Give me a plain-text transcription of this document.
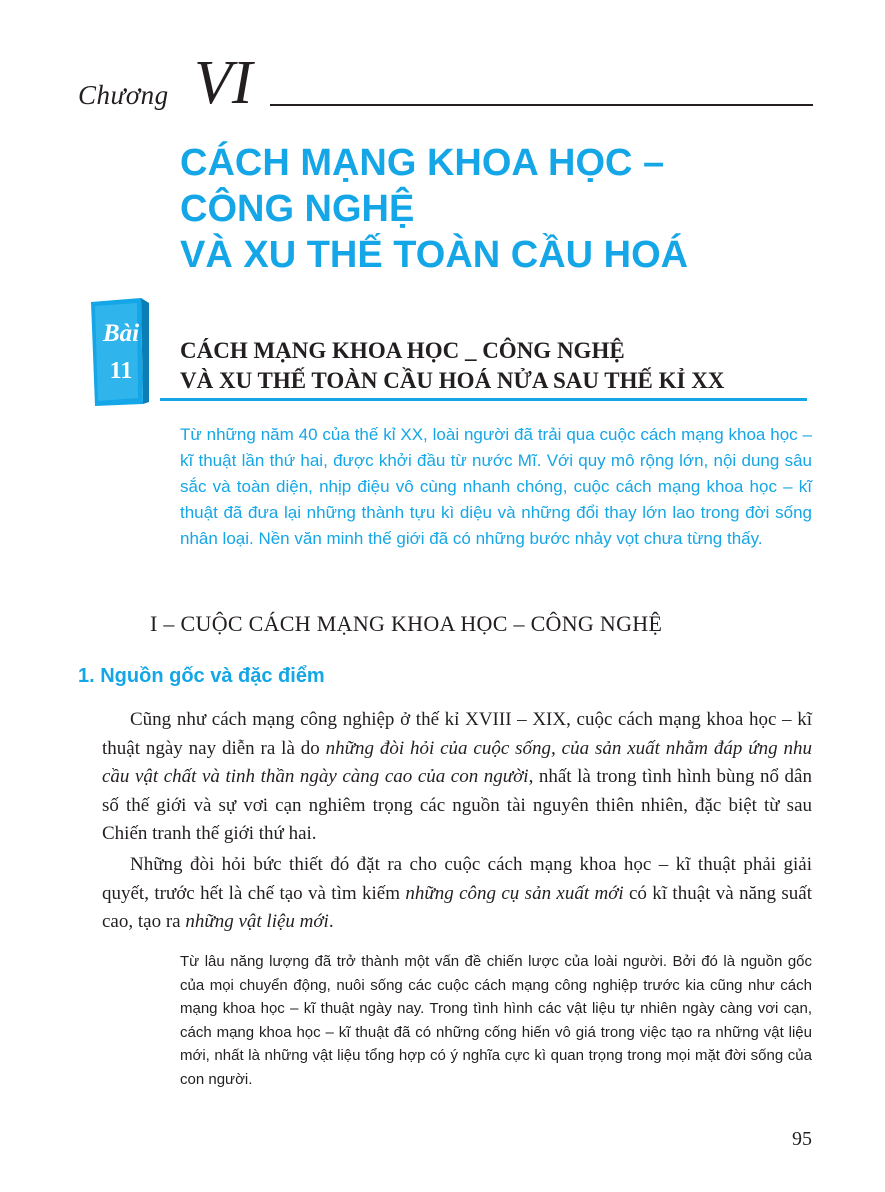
Chương VI
CÁCH MẠNG KHOA HỌC –
CÔNG NGHỆ
VÀ XU THẾ TOÀN CẦU HOÁ
Bài
11
CÁCH MẠNG KHOA HỌC _ CÔNG NGHỆ
VÀ XU THẾ TOÀN CẦU HOÁ NỬA SAU THẾ KỈ XX

Từ những năm 40 của thế kỉ XX, loài người đã trải qua cuộc cách mạng khoa học – kĩ thuật lần thứ hai, được khởi đầu từ nước Mĩ. Với quy mô rộng lớn, nội dung sâu sắc và toàn diện, nhịp điệu vô cùng nhanh chóng, cuộc cách mạng khoa học – kĩ thuật đã đưa lại những thành tựu kì diệu và những đổi thay lớn lao trong đời sống nhân loại. Nền văn minh thế giới đã có những bước nhảy vọt chưa từng thấy.

I – CUỘC CÁCH MẠNG KHOA HỌC – CÔNG NGHỆ
1. Nguồn gốc và đặc điểm

Cũng như cách mạng công nghiệp ở thế kỉ XVIII – XIX, cuộc cách mạng khoa học – kĩ thuật ngày nay diễn ra là do những đòi hỏi của cuộc sống, của sản xuất nhằm đáp ứng nhu cầu vật chất và tinh thần ngày càng cao của con người, nhất là trong tình hình bùng nổ dân số thế giới và sự vơi cạn nghiêm trọng các nguồn tài nguyên thiên nhiên, đặc biệt từ sau Chiến tranh thế giới thứ hai.

Những đòi hỏi bức thiết đó đặt ra cho cuộc cách mạng khoa học – kĩ thuật phải giải quyết, trước hết là chế tạo và tìm kiếm những công cụ sản xuất mới có kĩ thuật và năng suất cao, tạo ra những vật liệu mới.

Từ lâu năng lượng đã trở thành một vấn đề chiến lược của loài người. Bởi đó là nguồn gốc của mọi chuyển động, nuôi sống các cuộc cách mạng công nghiệp trước kia cũng như cách mạng khoa học – kĩ thuật ngày nay. Trong tình hình các vật liệu tự nhiên ngày càng vơi cạn, cách mạng khoa học – kĩ thuật đã có những cống hiến vô giá trong việc tạo ra những vật liệu mới, nhất là những vật liệu tổng hợp có ý nghĩa cực kì quan trọng trong mọi mặt đời sống của con người.

95
